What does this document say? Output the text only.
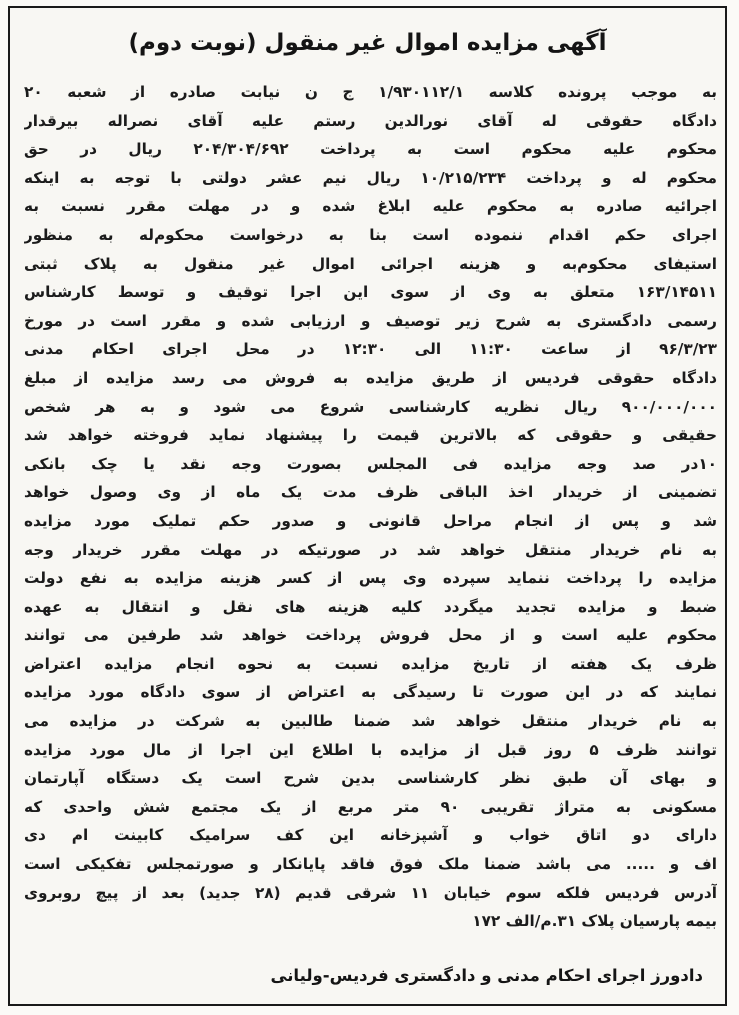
آگهی مزایده اموال غیر منقول (نوبت دوم)
به موجب پرونده کلاسه ۱/۹۳۰۱۱۲/۱ ج ن نیابت صادره از شعبه ۲۰
دادگاه حقوقی له آقای نورالدین رستم علیه آقای نصراله بیرقدار
محکوم علیه محکوم است به پرداخت ۲۰۴/۳۰۴/۶۹۲ ریال در حق
محکوم له و پرداخت ۱۰/۲۱۵/۲۳۴ ریال نیم عشر دولتی با توجه به اینکه
اجرائیه صادره به محکوم علیه ابلاغ شده و در مهلت مقرر نسبت به
اجرای حکم اقدام ننموده است بنا به درخواست محکوم‌له به منظور
استیفای محکوم‌به و هزینه اجرائی اموال غیر منقول به پلاک ثبتی
۱۶۳/۱۴۵۱۱ متعلق به وی از سوی این اجرا توقیف و توسط کارشناس
رسمی دادگستری به شرح زیر توصیف و ارزیابی شده و مقرر است در مورخ
۹۶/۳/۲۳ از ساعت ۱۱:۳۰ الی ۱۲:۳۰ در محل اجرای احکام مدنی
دادگاه حقوقی فردیس از طریق مزایده به فروش می رسد مزایده از مبلغ
۹۰۰/۰۰۰/۰۰۰ ریال نظریه کارشناسی شروع می شود و به هر شخص
حقیقی و حقوقی که بالاترین قیمت را پیشنهاد نماید فروخته خواهد شد
۱۰در صد وجه مزایده فی المجلس بصورت وجه نقد یا چک بانکی
تضمینی از خریدار اخذ الباقی ظرف مدت یک ماه از وی وصول خواهد
شد و پس از انجام مراحل قانونی و صدور حکم تملیک مورد مزایده
به نام خریدار منتقل خواهد شد در صورتیکه در مهلت مقرر خریدار وجه
مزایده را پرداخت ننماید سپرده وی پس از کسر هزینه مزایده به نفع دولت
ضبط و مزایده تجدید میگردد کلیه هزینه های نقل و انتقال به عهده
محکوم علیه است و از محل فروش پرداخت خواهد شد طرفین می توانند
ظرف یک هفته از تاریخ مزایده نسبت به نحوه انجام مزایده اعتراض
نمایند که در این صورت تا رسیدگی به اعتراض از سوی دادگاه مورد مزایده
به نام خریدار منتقل خواهد شد ضمنا طالبین به شرکت در مزایده می
توانند ظرف ۵ روز قبل از مزایده با اطلاع این اجرا از مال مورد مزایده
و بهای آن طبق نظر کارشناسی بدین شرح است یک دستگاه آپارتمان
مسکونی به متراژ تقریبی ۹۰ متر مربع از یک مجتمع شش واحدی که
دارای دو اتاق خواب و آشپزخانه این کف سرامیک کابینت ام دی
اف و ..... می باشد ضمنا ملک فوق فاقد پایانکار و صورتمجلس تفکیکی است
آدرس فردیس فلکه سوم خیابان ۱۱ شرقی قدیم (۲۸ جدید) بعد از پیچ روبروی
بیمه پارسیان پلاک ۳۱.م/الف ۱۷۲
دادورز اجرای احکام مدنی و دادگستری فردیس-ولیانی
